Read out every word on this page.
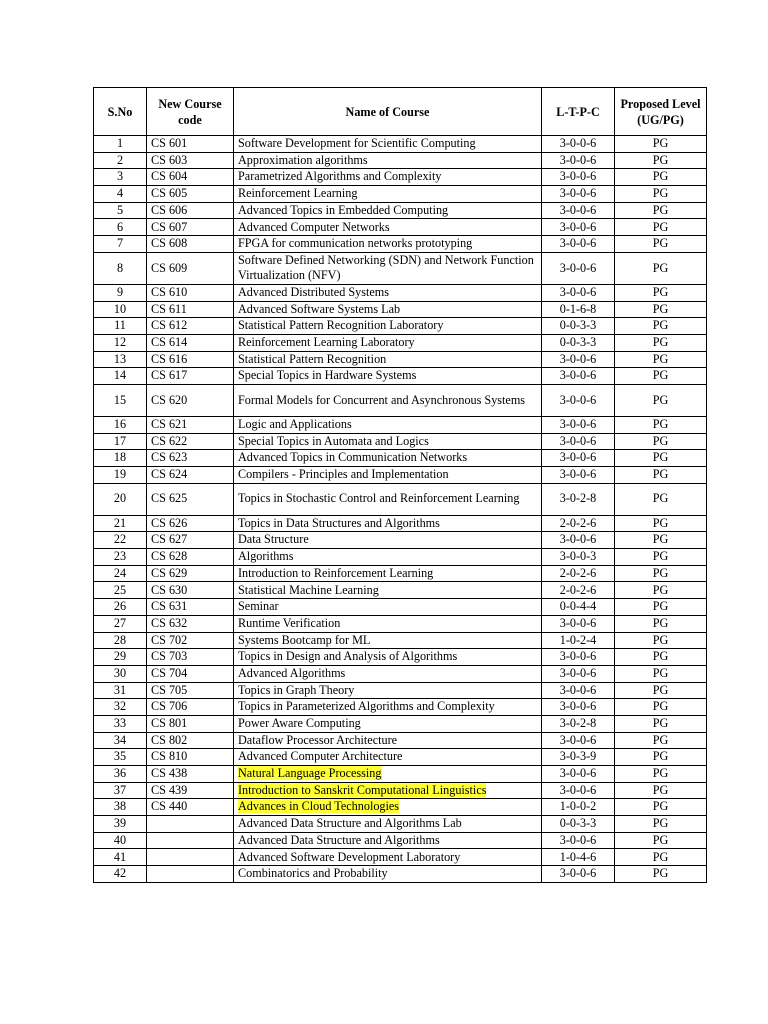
S.No	New Course code	Name of Course	L-T-P-C	Proposed Level (UG/PG)
1	CS 601	Software Development for Scientific Computing	3-0-0-6	PG
2	CS 603	Approximation algorithms	3-0-0-6	PG
3	CS 604	Parametrized Algorithms and Complexity	3-0-0-6	PG
4	CS 605	Reinforcement Learning	3-0-0-6	PG
5	CS 606	Advanced Topics in Embedded Computing	3-0-0-6	PG
6	CS 607	Advanced Computer Networks	3-0-0-6	PG
7	CS 608	FPGA for communication networks prototyping	3-0-0-6	PG
8	CS 609	Software Defined Networking (SDN) and Network Function Virtualization (NFV)	3-0-0-6	PG
9	CS 610	Advanced Distributed Systems	3-0-0-6	PG
10	CS 611	Advanced Software Systems Lab	0-1-6-8	PG
11	CS 612	Statistical Pattern Recognition Laboratory	0-0-3-3	PG
12	CS 614	Reinforcement Learning Laboratory	0-0-3-3	PG
13	CS 616	Statistical Pattern Recognition	3-0-0-6	PG
14	CS 617	Special Topics in Hardware Systems	3-0-0-6	PG
15	CS 620	Formal Models for Concurrent and Asynchronous Systems	3-0-0-6	PG
16	CS 621	Logic and Applications	3-0-0-6	PG
17	CS 622	Special Topics in Automata and Logics	3-0-0-6	PG
18	CS 623	Advanced Topics in Communication Networks	3-0-0-6	PG
19	CS 624	Compilers - Principles and Implementation	3-0-0-6	PG
20	CS 625	Topics in Stochastic Control and Reinforcement Learning	3-0-2-8	PG
21	CS 626	Topics in Data Structures and Algorithms	2-0-2-6	PG
22	CS 627	Data Structure	3-0-0-6	PG
23	CS 628	Algorithms	3-0-0-3	PG
24	CS 629	Introduction to Reinforcement Learning	2-0-2-6	PG
25	CS 630	Statistical Machine Learning	2-0-2-6	PG
26	CS 631	Seminar	0-0-4-4	PG
27	CS 632	Runtime Verification	3-0-0-6	PG
28	CS 702	Systems Bootcamp for ML	1-0-2-4	PG
29	CS 703	Topics in Design and Analysis of Algorithms	3-0-0-6	PG
30	CS 704	Advanced Algorithms	3-0-0-6	PG
31	CS 705	Topics in Graph Theory	3-0-0-6	PG
32	CS 706	Topics in Parameterized Algorithms and Complexity	3-0-0-6	PG
33	CS 801	Power Aware Computing	3-0-2-8	PG
34	CS 802	Dataflow Processor Architecture	3-0-0-6	PG
35	CS 810	Advanced Computer Architecture	3-0-3-9	PG
36	CS 438	Natural Language Processing	3-0-0-6	PG
37	CS 439	Introduction to Sanskrit Computational Linguistics	3-0-0-6	PG
38	CS 440	Advances in Cloud Technologies	1-0-0-2	PG
39		Advanced Data Structure and Algorithms Lab	0-0-3-3	PG
40		Advanced Data Structure and Algorithms	3-0-0-6	PG
41		Advanced Software Development Laboratory	1-0-4-6	PG
42		Combinatorics and Probability	3-0-0-6	PG
